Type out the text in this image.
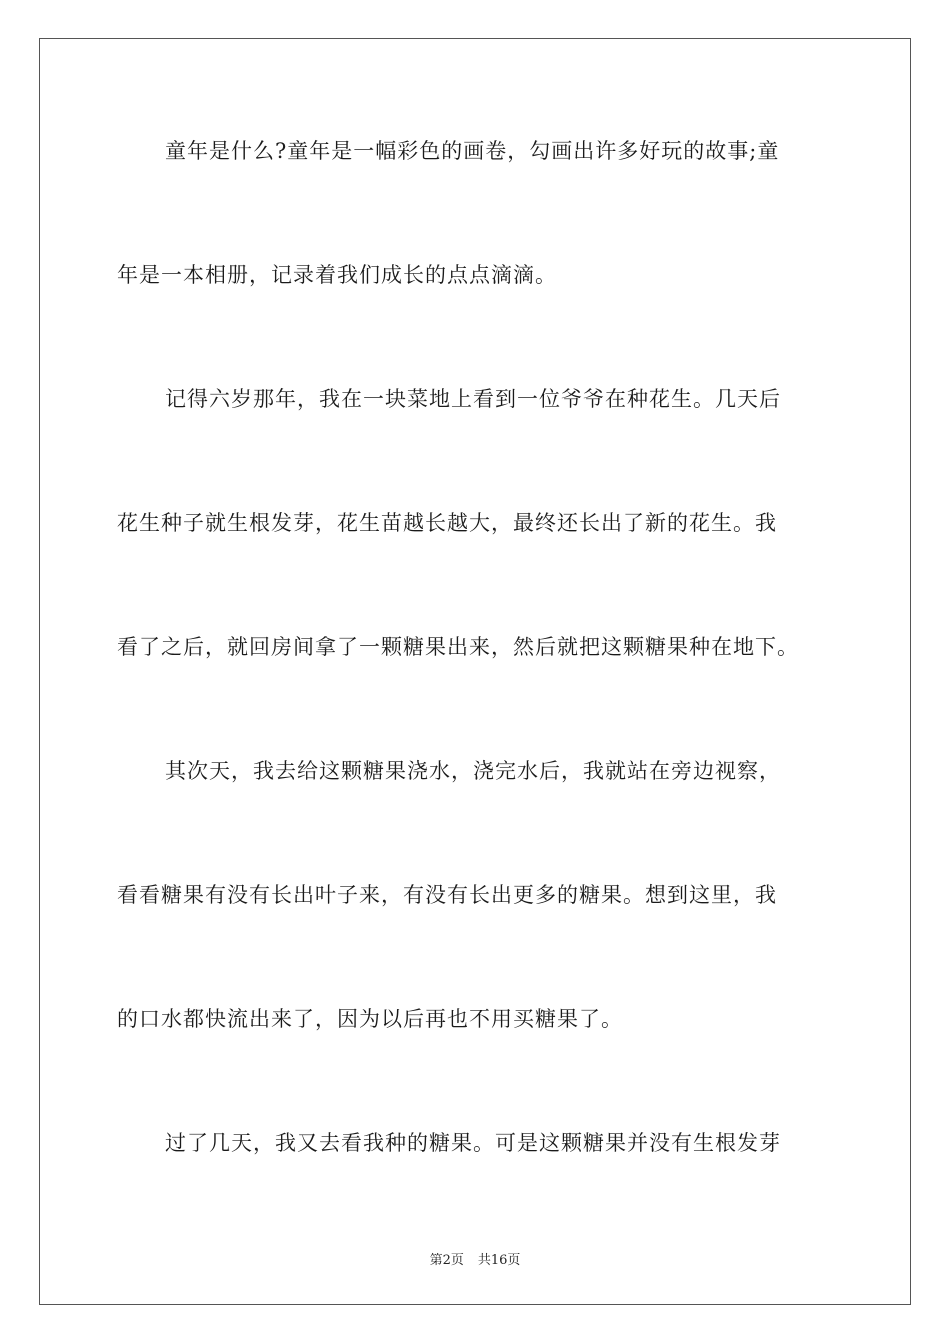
童年是什么?童年是一幅彩色的画卷，勾画出许多好玩的故事;童
年是一本相册，记录着我们成长的点点滴滴。
记得六岁那年，我在一块菜地上看到一位爷爷在种花生。几天后
花生种子就生根发芽，花生苗越长越大，最终还长出了新的花生。我
看了之后，就回房间拿了一颗糖果出来，然后就把这颗糖果种在地下。
其次天，我去给这颗糖果浇水，浇完水后，我就站在旁边视察，
看看糖果有没有长出叶子来，有没有长出更多的糖果。想到这里，我
的口水都快流出来了，因为以后再也不用买糖果了。
过了几天，我又去看我种的糖果。可是这颗糖果并没有生根发芽
第2页 共16页
